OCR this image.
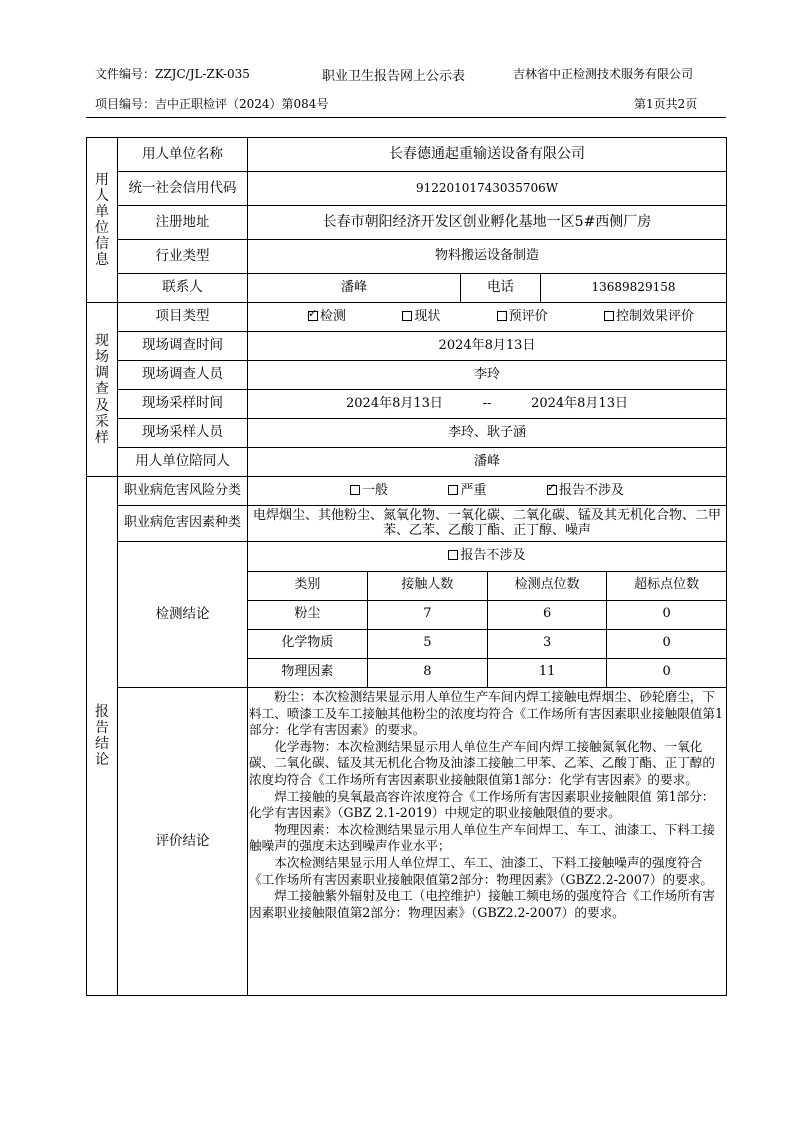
文件编号：ZZJC/JL-ZK-035	职业卫生报告网上公示表	吉林省中正检测技术服务有限公司
项目编号：吉中正职检评（2024）第084号	第1页共2页
用
人
单
位
信
息
	用人单位名称	长春德通起重输送设备有限公司
统一社会信用代码	91220101743035706W
注册地址	长春市朝阳经济开发区创业孵化基地一区5#西侧厂房
行业类型	物料搬运设备制造
联系人	潘峰	电话	13689829158

现
场
调
查
及
采
样
	项目类型	
✓检测	现状	预评价	控制效果评价

现场调查时间	2024年8月13日
现场调查人员	李玲
现场采样时间	2024年8月13日	--	2024年8月13日

现场采样人员	李玲、耿子涵
用人单位陪同人	潘峰

报
告
结
论
	职业病危害风险分类	一般	严重
✓	报告不涉及

职业病危害因素种类	电焊烟尘、其他粉尘、氮氧化物、一氧化碳、二氧化碳、锰及其无机化合物、二甲苯、乙苯、乙酸丁酯、正丁醇、噪声
检测结论	
报告不涉及
类别	接触人数	检测点位数	超标点位数
粉尘	7	6	0
化学物质	5	3	0
物理因素	8	11	0

评价结论	

粉尘：本次检测结果显示用人单位生产车间内焊工接触电焊烟尘、砂轮磨尘，下料工、喷漆工及车工接触其他粉尘的浓度均符合《工作场所有害因素职业接触限值第1部分：化学有害因素》的要求。

化学毒物：本次检测结果显示用人单位生产车间内焊工接触氮氧化物、一氧化碳、二氧化碳、锰及其无机化合物及油漆工接触二甲苯、乙苯、乙酸丁酯、正丁醇的浓度均符合《工作场所有害因素职业接触限值第1部分：化学有害因素》的要求。

焊工接触的臭氧最高容许浓度符合《工作场所有害因素职业接触限值 第1部分：化学有害因素》（GBZ 2.1-2019）中规定的职业接触限值的要求。

物理因素：本次检测结果显示用人单位生产车间焊工、车工、油漆工、下料工接触噪声的强度未达到噪声作业水平；

本次检测结果显示用人单位焊工、车工、油漆工、下料工接触噪声的强度符合《工作场所有害因素职业接触限值第2部分：物理因素》（GBZ2.2-2007）的要求。

焊工接触紫外辐射及电工（电控维护）接触工频电场的强度符合《工作场所有害因素职业接触限值第2部分：物理因素》（GBZ2.2-2007）的要求。
